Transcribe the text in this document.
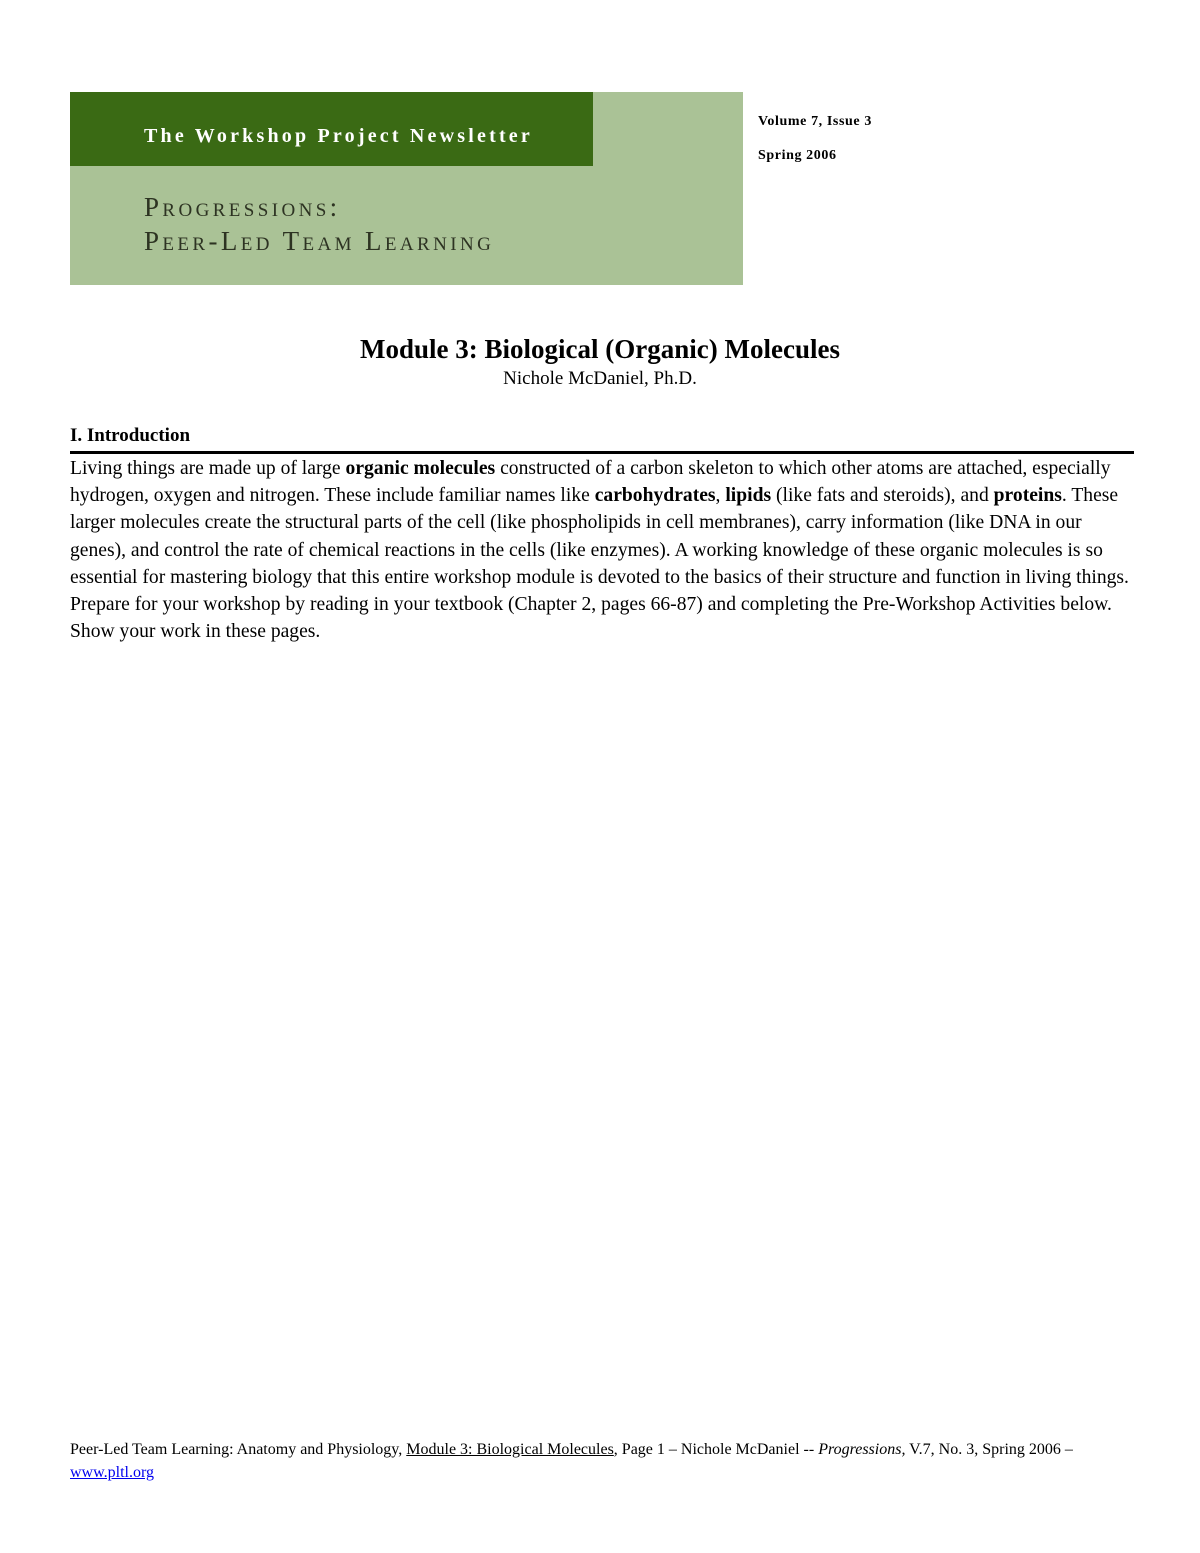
The Workshop Project Newsletter
Progressions:
Peer-Led Team Learning
Volume 7, Issue 3
Spring 2006
Module 3: Biological (Organic) Molecules
Nichole McDaniel, Ph.D.
I. Introduction

Living things are made up of large organic molecules constructed of a carbon skeleton to which other atoms are attached, especially hydrogen, oxygen and nitrogen. These include familiar names like carbohydrates, lipids (like fats and steroids), and proteins. These larger molecules create the structural parts of the cell (like phospholipids in cell membranes), carry information (like DNA in our genes), and control the rate of chemical reactions in the cells (like enzymes). A working knowledge of these organic molecules is so essential for mastering biology that this entire workshop module is devoted to the basics of their structure and function in living things. Prepare for your workshop by reading in your textbook (Chapter 2, pages 66-87) and completing the Pre-Workshop Activities below. Show your work in these pages.

Peer-Led Team Learning: Anatomy and Physiology, Module 3: Biological Molecules, Page 1 – Nichole McDaniel -- Progressions, V.7, No. 3, Spring 2006 – www.pltl.org
